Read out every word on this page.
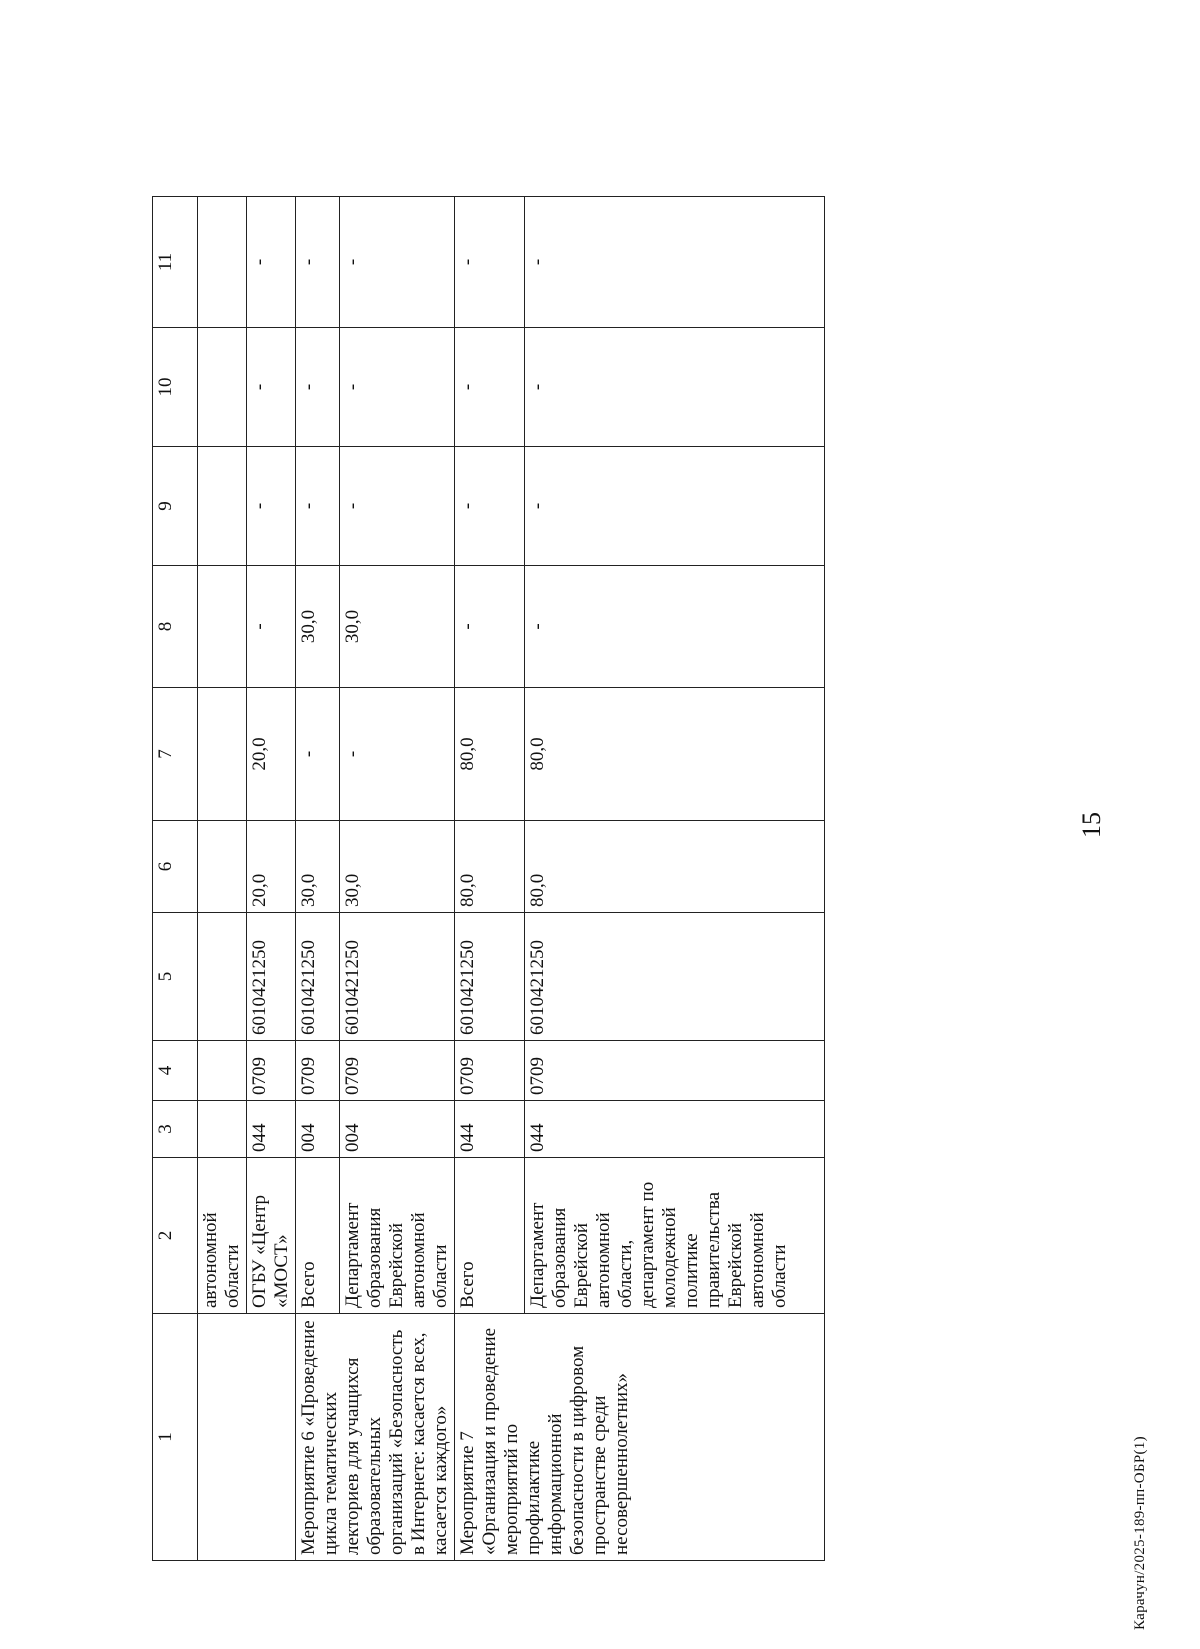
15
1	2	3	4	5	6	7	8	9	10	11
	автономной области									
	ОГБУ «Центр «МОСТ»	044	0709	6010421250	20,0	20,0	-	-	-	-
Мероприятие 6 «Проведение цикла тематических лекториев для учащихся образовательных организаций «Безопасность в Интернете: касается всех, касается каждого»	Всего	004	0709	6010421250	30,0	-	30,0	-	-	-
	Департамент образования Еврейской автономной области	004	0709	6010421250	30,0	-	30,0	-	-	-
Мероприятие 7 «Организация и проведение мероприятий по профилактике информационной безопасности в цифровом пространстве среди несовершеннолетних»	Всего	044	0709	6010421250	80,0	80,0	-	-	-	-
	Департамент образования Еврейской автономной области, департамент по молодежной политике правительства Еврейской автономной области	044	0709	6010421250	80,0	80,0	-	-	-	-
Карачун/2025-189-пп-ОБР(1)
